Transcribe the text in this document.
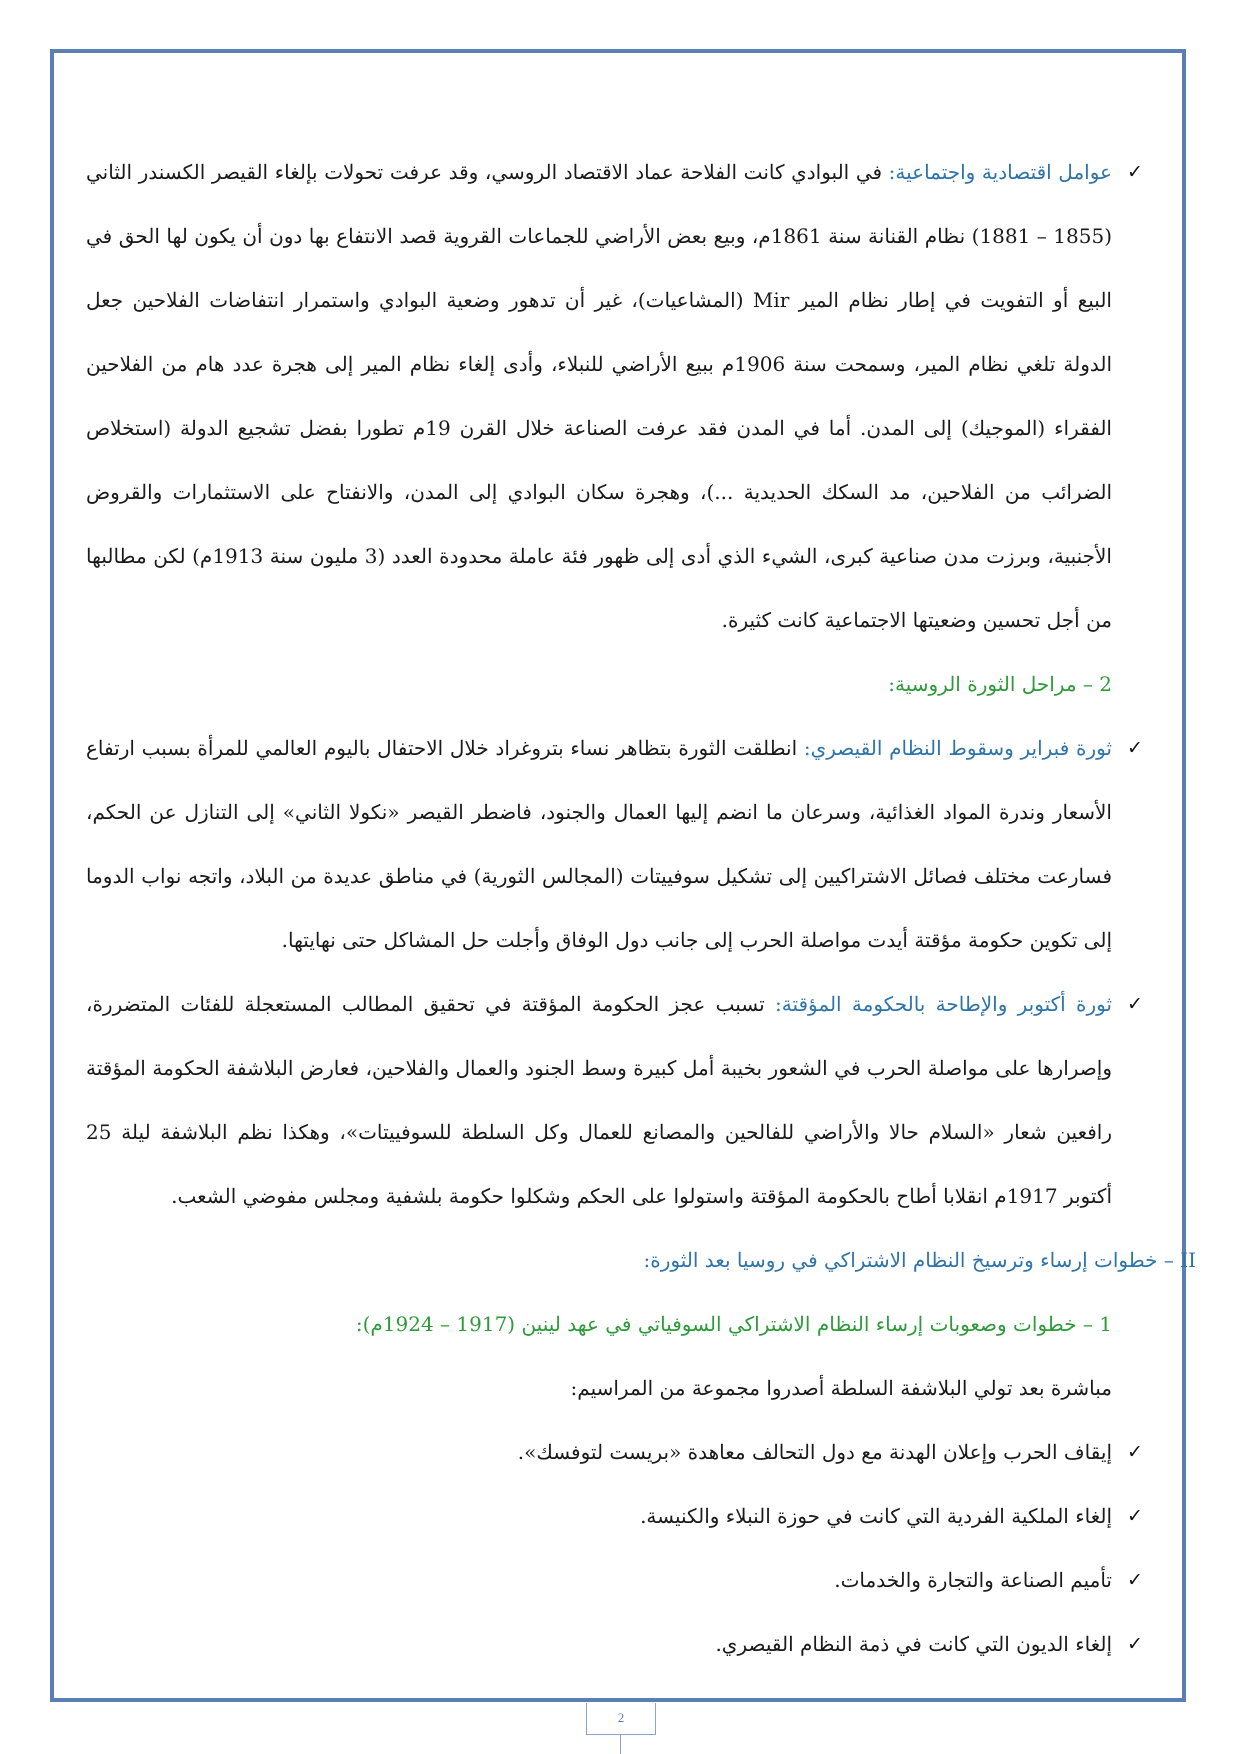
✓
عوامل اقتصادية واجتماعية: في البوادي كانت الفلاحة عماد الاقتصاد الروسي، وقد عرفت تحولات بإلغاء القيصر الكسندر الثاني (1855 – 1881) نظام القنانة سنة 1861م، وبيع بعض الأراضي للجماعات القروية قصد الانتفاع بها دون أن يكون لها الحق في البيع أو التفويت في إطار نظام المير Mir (المشاعيات)، غير أن تدهور وضعية البوادي واستمرار انتفاضات الفلاحين جعل الدولة تلغي نظام المير، وسمحت سنة 1906م ببيع الأراضي للنبلاء، وأدى إلغاء نظام المير إلى هجرة عدد هام من الفلاحين الفقراء (الموجيك) إلى المدن. أما في المدن فقد عرفت الصناعة خلال القرن 19م تطورا بفضل تشجيع الدولة (استخلاص الضرائب من الفلاحين، مد السكك الحديدية ...)، وهجرة سكان البوادي إلى المدن، والانفتاح على الاستثمارات والقروض الأجنبية، وبرزت مدن صناعية كبرى، الشيء الذي أدى إلى ظهور فئة عاملة محدودة العدد (3 مليون سنة 1913م) لكن مطالبها من أجل تحسين وضعيتها الاجتماعية كانت كثيرة.

2 – مراحل الثورة الروسية:

✓
ثورة فبراير وسقوط النظام القيصري: انطلقت الثورة بتظاهر نساء بتروغراد خلال الاحتفال باليوم العالمي للمرأة بسبب ارتفاع الأسعار وندرة المواد الغذائية، وسرعان ما انضم إليها العمال والجنود، فاضطر القيصر «نكولا الثاني» إلى التنازل عن الحكم، فسارعت مختلف فصائل الاشتراكيين إلى تشكيل سوفييتات (المجالس الثورية) في مناطق عديدة من البلاد، واتجه نواب الدوما إلى تكوين حكومة مؤقتة أيدت مواصلة الحرب إلى جانب دول الوفاق وأجلت حل المشاكل حتى نهايتها.

✓
ثورة أكتوبر والإطاحة بالحكومة المؤقتة: تسبب عجز الحكومة المؤقتة في تحقيق المطالب المستعجلة للفئات المتضررة، وإصرارها على مواصلة الحرب في الشعور بخيبة أمل كبيرة وسط الجنود والعمال والفلاحين، فعارض البلاشفة الحكومة المؤقتة رافعين شعار «السلام حالا والأراضي للفالحين والمصانع للعمال وكل السلطة للسوفييتات»، وهكذا نظم البلاشفة ليلة 25 أكتوبر 1917م انقلابا أطاح بالحكومة المؤقتة واستولوا على الحكم وشكلوا حكومة بلشفية ومجلس مفوضي الشعب.

II – خطوات إرساء وترسيخ النظام الاشتراكي في روسيا بعد الثورة:

1 – خطوات وصعوبات إرساء النظام الاشتراكي السوفياتي في عهد لينين (1917 – 1924م):

مباشرة بعد تولي البلاشفة السلطة أصدروا مجموعة من المراسيم:

✓
إيقاف الحرب وإعلان الهدنة مع دول التحالف معاهدة «بريست لتوفسك».

✓
إلغاء الملكية الفردية التي كانت في حوزة النبلاء والكنيسة.

✓
تأميم الصناعة والتجارة والخدمات.

✓
إلغاء الديون التي كانت في ذمة النظام القيصري.

2
